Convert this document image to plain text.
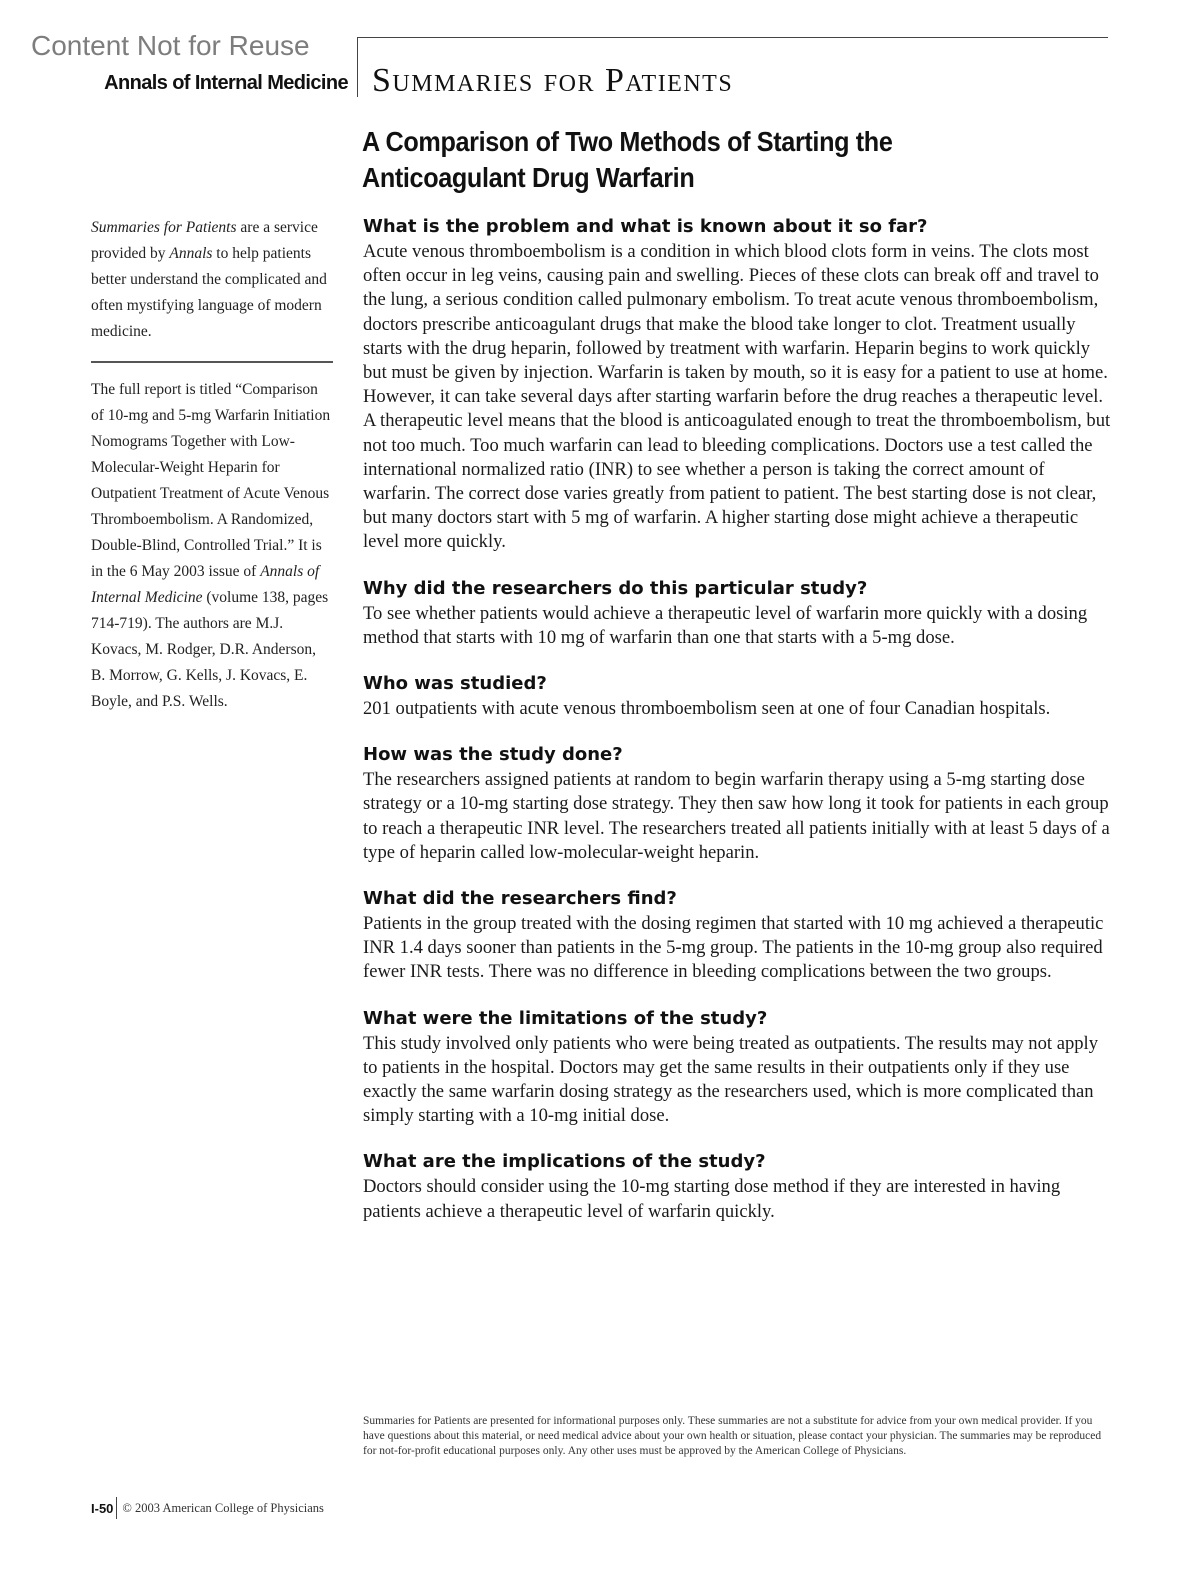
Content Not for Reuse
Annals of Internal Medicine Summaries for Patients
A Comparison of Two Methods of Starting the Anticoagulant Drug Warfarin
Summaries for Patients are a service provided by Annals to help patients better understand the complicated and often mystifying language of modern medicine.
The full report is titled “Comparison of 10-mg and 5-mg Warfarin Initiation Nomograms Together with Low-Molecular-Weight Heparin for Outpatient Treatment of Acute Venous Thromboembolism. A Randomized, Double-Blind, Controlled Trial.” It is in the 6 May 2003 issue of Annals of Internal Medicine (volume 138, pages 714-719). The authors are M.J. Kovacs, M. Rodger, D.R. Anderson, B. Morrow, G. Kells, J. Kovacs, E. Boyle, and P.S. Wells.
What is the problem and what is known about it so far?

Acute venous thromboembolism is a condition in which blood clots form in veins. The clots most often occur in leg veins, causing pain and swelling. Pieces of these clots can break off and travel to the lung, a serious condition called pulmonary embolism. To treat acute venous thromboembolism, doctors prescribe anticoagulant drugs that make the blood take longer to clot. Treatment usually starts with the drug heparin, followed by treatment with warfarin. Heparin begins to work quickly but must be given by injection. Warfarin is taken by mouth, so it is easy for a patient to use at home. However, it can take several days after starting warfarin before the drug reaches a therapeutic level. A therapeutic level means that the blood is anticoagulated enough to treat the thromboembolism, but not too much. Too much warfarin can lead to bleeding complications. Doctors use a test called the international normalized ratio (INR) to see whether a person is taking the correct amount of warfarin. The correct dose varies greatly from patient to patient. The best starting dose is not clear, but many doctors start with 5 mg of warfarin. A higher starting dose might achieve a therapeutic level more quickly.

Why did the researchers do this particular study?

To see whether patients would achieve a therapeutic level of warfarin more quickly with a dosing method that starts with 10 mg of warfarin than one that starts with a 5-mg dose.

Who was studied?

201 outpatients with acute venous thromboembolism seen at one of four Canadian hospitals.

How was the study done?

The researchers assigned patients at random to begin warfarin therapy using a 5-mg starting dose strategy or a 10-mg starting dose strategy. They then saw how long it took for patients in each group to reach a therapeutic INR level. The researchers treated all patients initially with at least 5 days of a type of heparin called low-molecular-weight heparin.

What did the researchers find?

Patients in the group treated with the dosing regimen that started with 10 mg achieved a therapeutic INR 1.4 days sooner than patients in the 5-mg group. The patients in the 10-mg group also required fewer INR tests. There was no difference in bleeding complications between the two groups.

What were the limitations of the study?

This study involved only patients who were being treated as outpatients. The results may not apply to patients in the hospital. Doctors may get the same results in their outpatients only if they use exactly the same warfarin dosing strategy as the researchers used, which is more complicated than simply starting with a 10-mg initial dose.

What are the implications of the study?

Doctors should consider using the 10-mg starting dose method if they are interested in having patients achieve a therapeutic level of warfarin quickly.

Summaries for Patients are presented for informational purposes only. These summaries are not a substitute for advice from your own medical provider. If you have questions about this material, or need medical advice about your own health or situation, please contact your physician. The summaries may be reproduced for not-for-profit educational purposes only. Any other uses must be approved by the American College of Physicians.
I-50 © 2003 American College of Physicians
